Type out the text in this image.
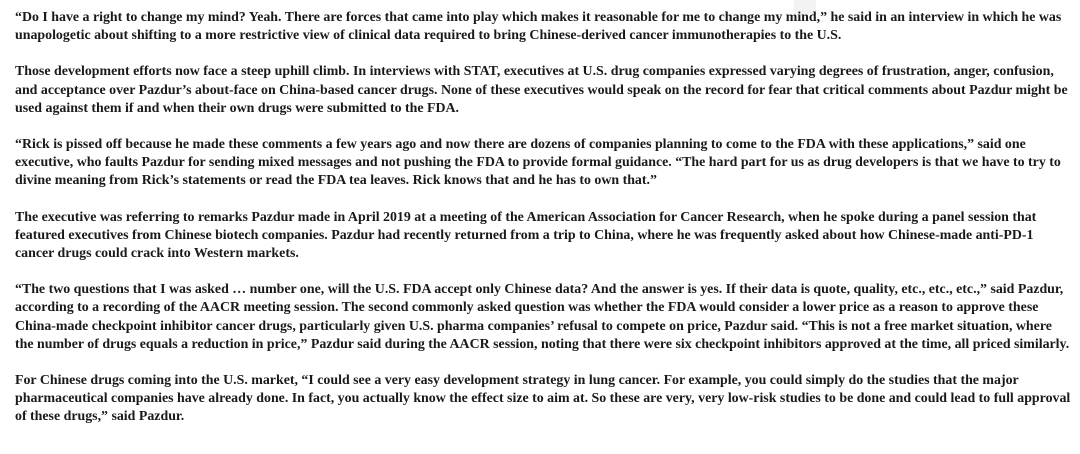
“Do I have a right to change my mind? Yeah. There are forces that came into play which makes it reasonable for me to change my mind,” he said in an interview in which he was unapologetic about shifting to a more restrictive view of clinical data required to bring Chinese-derived cancer immunotherapies to the U.S.

Those development efforts now face a steep uphill climb. In interviews with STAT, executives at U.S. drug companies expressed varying degrees of frustration, anger, confusion, and acceptance over Pazdur’s about-face on China-based cancer drugs. None of these executives would speak on the record for fear that critical comments about Pazdur might be used against them if and when their own drugs were submitted to the FDA.

“Rick is pissed off because he made these comments a few years ago and now there are dozens of companies planning to come to the FDA with these applications,” said one executive, who faults Pazdur for sending mixed messages and not pushing the FDA to provide formal guidance. “The hard part for us as drug developers is that we have to try to divine meaning from Rick’s statements or read the FDA tea leaves. Rick knows that and he has to own that.”

The executive was referring to remarks Pazdur made in April 2019 at a meeting of the American Association for Cancer Research, when he spoke during a panel session that featured executives from Chinese biotech companies. Pazdur had recently returned from a trip to China, where he was frequently asked about how Chinese-made anti-PD-1 cancer drugs could crack into Western markets.

“The two questions that I was asked … number one, will the U.S. FDA accept only Chinese data? And the answer is yes. If their data is quote, quality, etc., etc., etc.,” said Pazdur, according to a recording of the AACR meeting session. The second commonly asked question was whether the FDA would consider a lower price as a reason to approve these China-made checkpoint inhibitor cancer drugs, particularly given U.S. pharma companies’ refusal to compete on price, Pazdur said. “This is not a free market situation, where the number of drugs equals a reduction in price,” Pazdur said during the AACR session, noting that there were six checkpoint inhibitors approved at the time, all priced similarly.

For Chinese drugs coming into the U.S. market, “I could see a very easy development strategy in lung cancer. For example, you could simply do the studies that the major pharmaceutical companies have already done. In fact, you actually know the effect size to aim at. So these are very, very low-risk studies to be done and could lead to full approval of these drugs,” said Pazdur.
